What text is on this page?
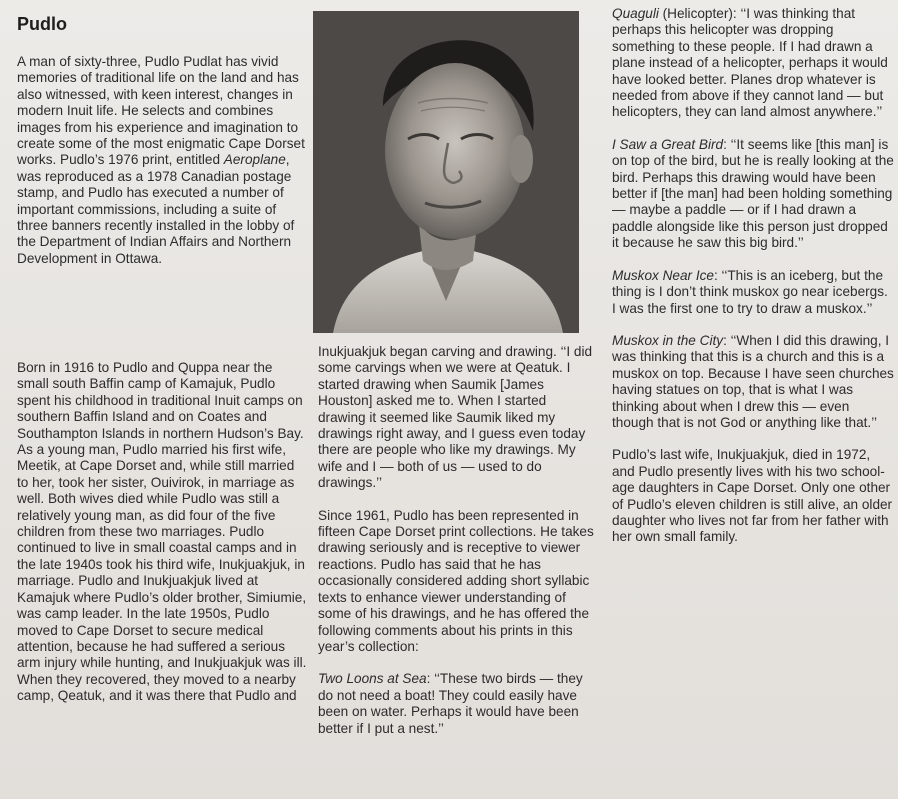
Pudlo

A man of sixty-three, Pudlo Pudlat has vivid memories of traditional life on the land and has also witnessed, with keen interest, changes in modern Inuit life. He selects and combines images from his experience and imagination to create some of the most enigmatic Cape Dorset works. Pudlo’s 1976 print, entitled Aeroplane, was reproduced as a 1978 Canadian postage stamp, and Pudlo has executed a number of important commissions, including a suite of three banners recently installed in the lobby of the Department of Indian Affairs and Northern Development in Ottawa.

Born in 1916 to Pudlo and Quppa near the small south Baffin camp of Kamajuk, Pudlo spent his childhood in traditional Inuit camps on southern Baffin Island and on Coates and Southampton Islands in northern Hudson’s Bay. As a young man, Pudlo married his first wife, Meetik, at Cape Dorset and, while still married to her, took her sister, Ouivirok, in marriage as well. Both wives died while Pudlo was still a relatively young man, as did four of the five children from these two marriages. Pudlo continued to live in small coastal camps and in the late 1940s took his third wife, Inukjuakjuk, in marriage. Pudlo and Inukjuakjuk lived at Kamajuk where Pudlo’s older brother, Simiumie, was camp leader. In the late 1950s, Pudlo moved to Cape Dorset to secure medical attention, because he had suffered a serious arm injury while hunting, and Inukjuakjuk was ill. When they recovered, they moved to a nearby camp, Qeatuk, and it was there that Pudlo and

Inukjuakjuk began carving and drawing. ‘‘I did some carvings when we were at Qeatuk. I started drawing when Saumik [James Houston] asked me to. When I started drawing it seemed like Saumik liked my drawings right away, and I guess even today there are people who like my drawings. My wife and I — both of us — used to do drawings.’’

Since 1961, Pudlo has been represented in fifteen Cape Dorset print collections. He takes drawing seriously and is receptive to viewer reactions. Pudlo has said that he has occasionally considered adding short syllabic texts to enhance viewer understanding of some of his drawings, and he has offered the following comments about his prints in this year’s collection:

Two Loons at Sea: ‘‘These two birds — they do not need a boat! They could easily have been on water. Perhaps it would have been better if I put a nest.’’

Quaguli (Helicopter): ‘‘I was thinking that perhaps this helicopter was dropping something to these people. If I had drawn a plane instead of a helicopter, perhaps it would have looked better. Planes drop whatever is needed from above if they cannot land — but helicopters, they can land almost anywhere.’’

I Saw a Great Bird: ‘‘It seems like [this man] is on top of the bird, but he is really looking at the bird. Perhaps this drawing would have been better if [the man] had been holding something — maybe a paddle — or if I had drawn a paddle alongside like this person just dropped it because he saw this big bird.’’

Muskox Near Ice: ‘‘This is an iceberg, but the thing is I don’t think muskox go near icebergs. I was the first one to try to draw a muskox.’’

Muskox in the City: ‘‘When I did this drawing, I was thinking that this is a church and this is a muskox on top. Because I have seen churches having statues on top, that is what I was thinking about when I drew this — even though that is not God or anything like that.’’

Pudlo’s last wife, Inukjuakjuk, died in 1972, and Pudlo presently lives with his two school-age daughters in Cape Dorset. Only one other of Pudlo’s eleven children is still alive, an older daughter who lives not far from her father with her own small family.
